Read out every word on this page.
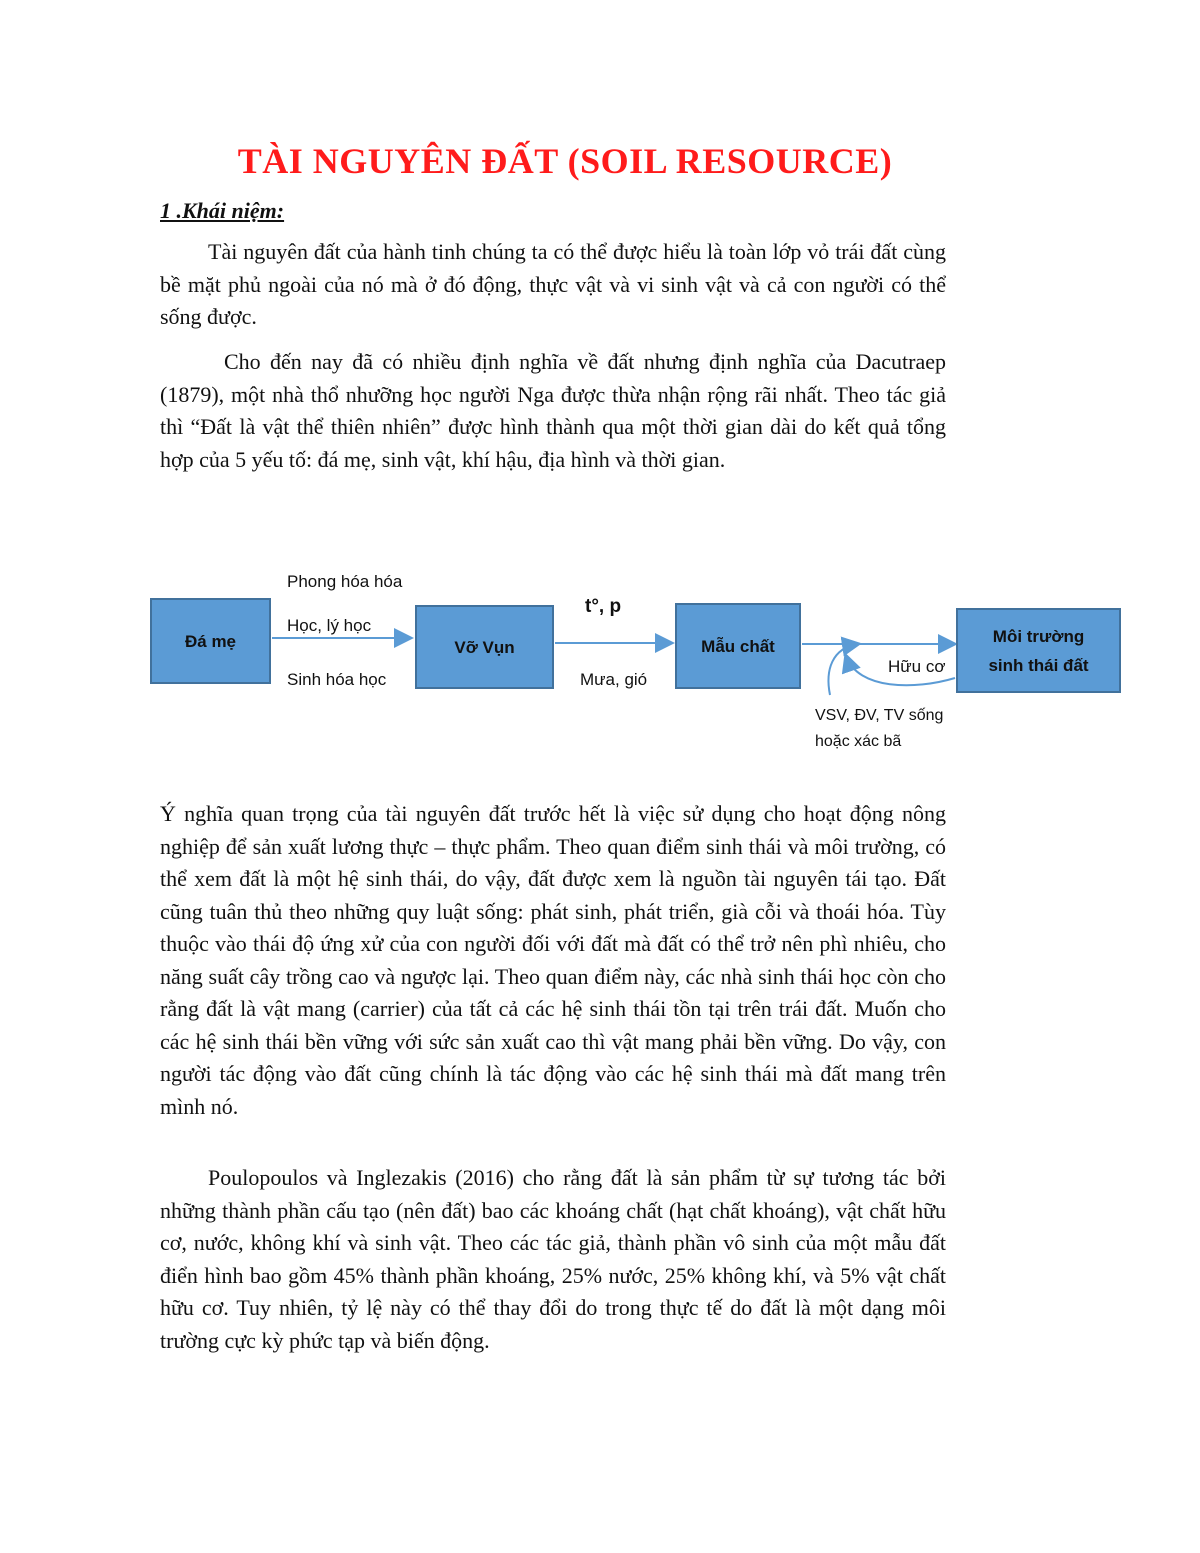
TÀI NGUYÊN ĐẤT (SOIL RESOURCE)
1 .Khái niệm:

Tài nguyên đất của hành tinh chúng ta có thể được hiểu là toàn lớp vỏ trái đất cùng bề mặt phủ ngoài của nó mà ở đó động, thực vật và vi sinh vật và cả con người có thể sống được.

Cho đến nay đã có nhiều định nghĩa về đất nhưng định nghĩa của Dacutraep (1879), một nhà thổ nhưỡng học người Nga được thừa nhận rộng rãi nhất. Theo tác giả thì “Đất là vật thể thiên nhiên” được hình thành qua một thời gian dài do kết quả tổng hợp của 5 yếu tố: đá mẹ, sinh vật, khí hậu, địa hình và thời gian.

Đá mẹ	Vỡ Vụn	Mẫu chất
Môi trường
sinh thái đất
Phong hóa hóa
Học, lý học
Sinh hóa học
t°, p
Mưa, gió
Hữu cơ
VSV, ĐV, TV sống
hoặc xác bã

Ý nghĩa quan trọng của tài nguyên đất trước hết là việc sử dụng cho hoạt động nông nghiệp để sản xuất lương thực – thực phẩm. Theo quan điểm sinh thái và môi trường, có thể xem đất là một hệ sinh thái, do vậy, đất được xem là nguồn tài nguyên tái tạo. Đất cũng tuân thủ theo những quy luật sống: phát sinh, phát triển, già cỗi và thoái hóa. Tùy thuộc vào thái độ ứng xử của con người đối với đất mà đất có thể trở nên phì nhiêu, cho năng suất cây trồng cao và ngược lại. Theo quan điểm này, các nhà sinh thái học còn cho rằng đất là vật mang (carrier) của tất cả các hệ sinh thái tồn tại trên trái đất. Muốn cho các hệ sinh thái bền vững với sức sản xuất cao thì vật mang phải bền vững. Do vậy, con người tác động vào đất cũng chính là tác động vào các hệ sinh thái mà đất mang trên mình nó.

Poulopoulos và Inglezakis (2016) cho rằng đất là sản phẩm từ sự tương tác bởi những thành phần cấu tạo (nên đất) bao các khoáng chất (hạt chất khoáng), vật chất hữu cơ, nước, không khí và sinh vật. Theo các tác giả, thành phần vô sinh của một mẫu đất điển hình bao gồm 45% thành phần khoáng, 25% nước, 25% không khí, và 5% vật chất hữu cơ. Tuy nhiên, tỷ lệ này có thể thay đổi do trong thực tế do đất là một dạng môi trường cực kỳ phức tạp và biến động.
